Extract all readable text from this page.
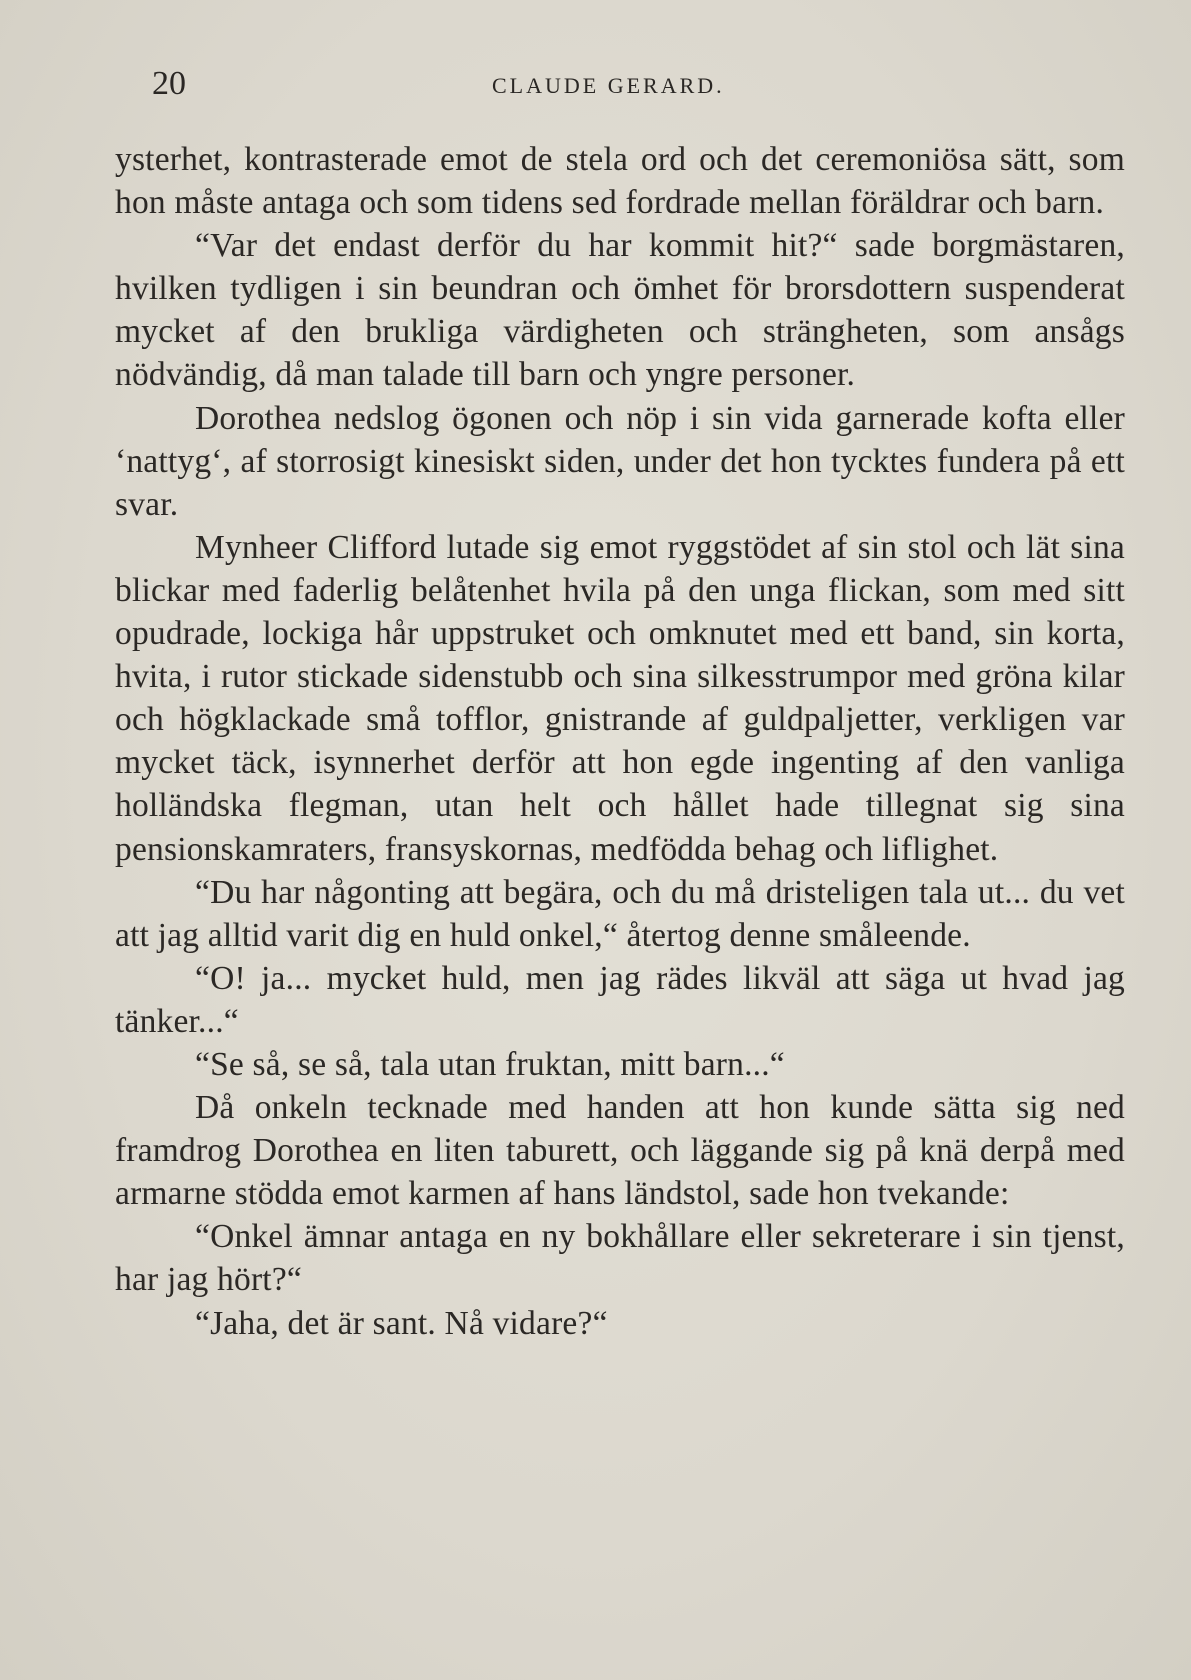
20	CLAUDE GERARD.

ysterhet, kontrasterade emot de stela ord och det ceremoniösa sätt, som hon måste antaga och som tidens sed fordrade mellan föräldrar och barn.

“Var det endast derför du har kommit hit?“ sade borgmästaren, hvilken tydligen i sin beundran och ömhet för brorsdottern suspenderat mycket af den brukliga värdigheten och strängheten, som ansågs nödvändig, då man talade till barn och yngre personer.

Dorothea nedslog ögonen och nöp i sin vida garnerade kofta eller ‘nattyg‘, af storrosigt kinesiskt siden, under det hon tycktes fundera på ett svar.

Mynheer Clifford lutade sig emot ryggstödet af sin stol och lät sina blickar med faderlig belåtenhet hvila på den unga flickan, som med sitt opudrade, lockiga hår uppstruket och omknutet med ett band, sin korta, hvita, i rutor stickade sidenstubb och sina silkesstrumpor med gröna kilar och högklackade små tofflor, gnistrande af guldpaljetter, verkligen var mycket täck, isynnerhet derför att hon egde ingenting af den vanliga holländska flegman, utan helt och hållet hade tillegnat sig sina pensionskamraters, fransyskornas, medfödda behag och liflighet.

“Du har någonting att begära, och du må dristeligen tala ut... du vet att jag alltid varit dig en huld onkel,“ återtog denne småleende.

“O! ja... mycket huld, men jag rädes likväl att säga ut hvad jag tänker...“

“Se så, se så, tala utan fruktan, mitt barn...“

Då onkeln tecknade med handen att hon kunde sätta sig ned framdrog Dorothea en liten taburett, och läggande sig på knä derpå med armarne stödda emot karmen af hans ländstol, sade hon tvekande:

“Onkel ämnar antaga en ny bokhållare eller sekreterare i sin tjenst, har jag hört?“

“Jaha, det är sant. Nå vidare?“
